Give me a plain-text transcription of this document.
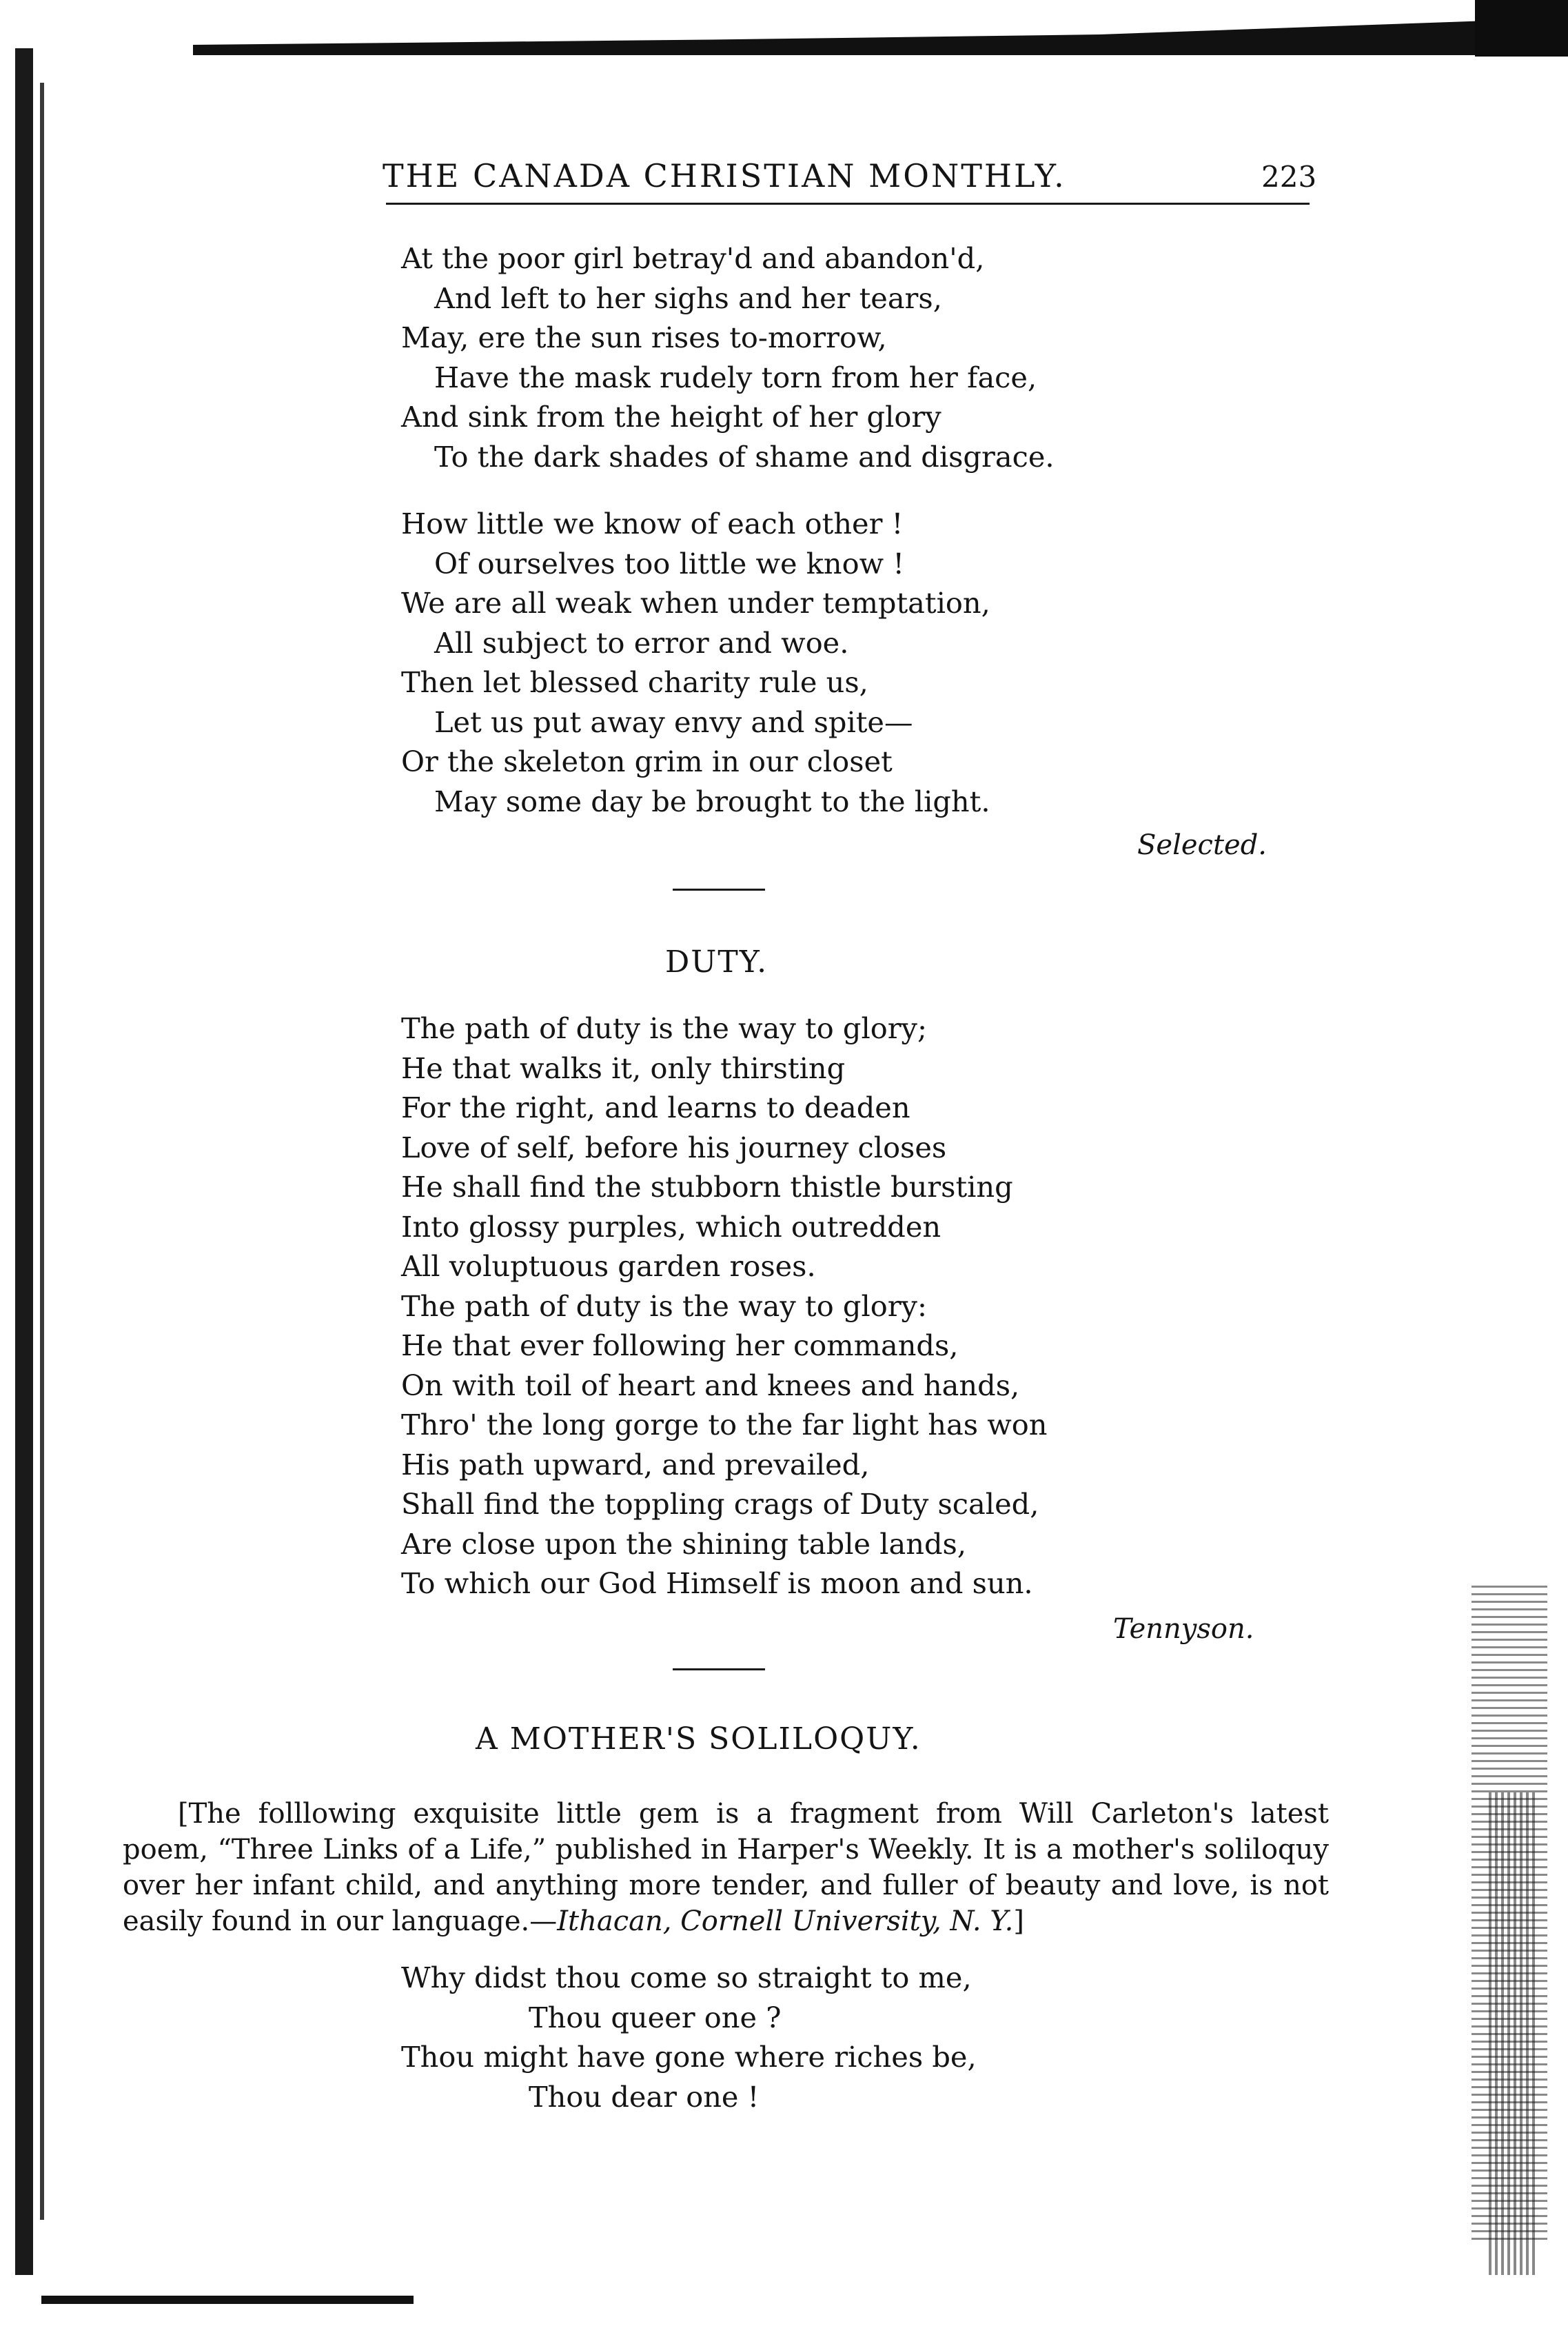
THE CANADA CHRISTIAN MONTHLY.	223
At the poor girl betray'd and abandon'd,
And left to her sighs and her tears,
May, ere the sun rises to-morrow,
Have the mask rudely torn from her face,
And sink from the height of her glory
To the dark shades of shame and disgrace.
How little we know of each other !
Of ourselves too little we know !
We are all weak when under temptation,
All subject to error and woe.
Then let blessed charity rule us,
Let us put away envy and spite—
Or the skeleton grim in our closet
May some day be brought to the light.
Selected.
DUTY.
The path of duty is the way to glory;
He that walks it, only thirsting
For the right, and learns to deaden
Love of self, before his journey closes
He shall find the stubborn thistle bursting
Into glossy purples, which outredden
All voluptuous garden roses.
The path of duty is the way to glory:
He that ever following her commands,
On with toil of heart and knees and hands,
Thro' the long gorge to the far light has won
His path upward, and prevailed,
Shall find the toppling crags of Duty scaled,
Are close upon the shining table lands,
To which our God Himself is moon and sun.
Tennyson.
A MOTHER'S SOLILOQUY.
[The folllowing exquisite little gem is a fragment from Will Carleton's latest poem, “Three Links of a Life,” published in Harper's Weekly. It is a mother's soliloquy over her infant child, and anything more tender, and fuller of beauty and love, is not easily found in our language.—Ithacan, Cornell University, N. Y.]
Why didst thou come so straight to me,
Thou queer one ?
Thou might have gone where riches be,
Thou dear one !
